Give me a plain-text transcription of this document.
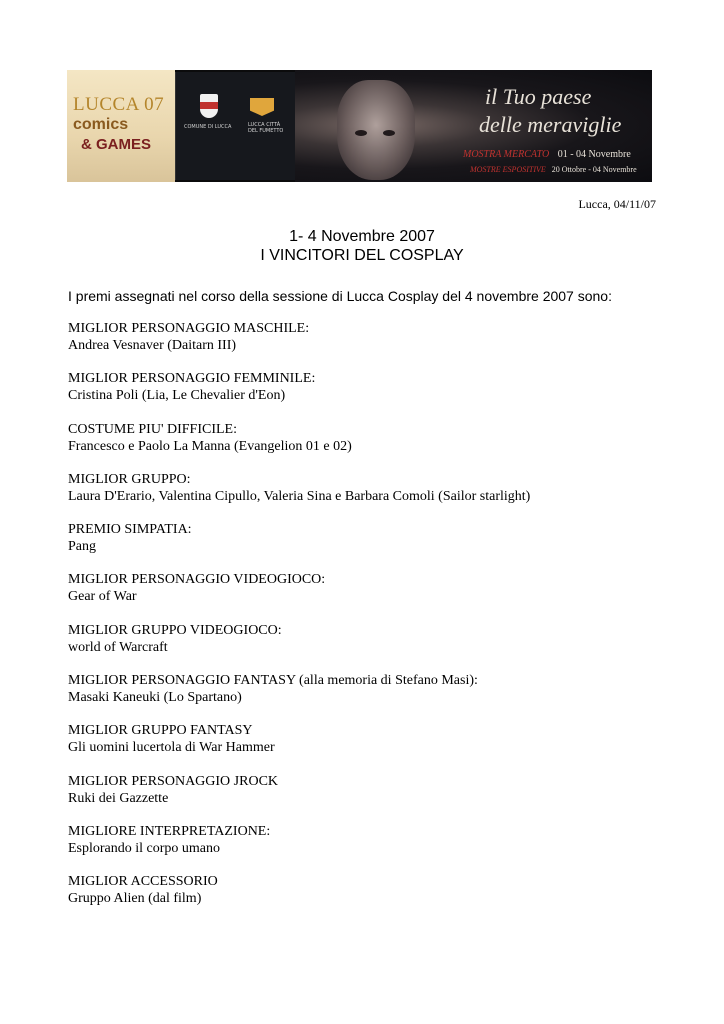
LUCCA 07
comics
& GAMES
COMUNE DI LUCCA	LUCCA CITTÀ DEL FUMETTO
il Tuo paese
delle meraviglie
MOSTRA MERCATO 01 - 04 Novembre
MOSTRE ESPOSITIVE 20 Ottobre - 04 Novembre
Lucca, 04/11/07
1- 4 Novembre 2007
I VINCITORI DEL COSPLAY
I premi assegnati nel corso della sessione di Lucca Cosplay del 4 novembre 2007 sono:
MIGLIOR PERSONAGGIO MASCHILE:
Andrea Vesnaver (Daitarn III)
MIGLIOR PERSONAGGIO FEMMINILE:
Cristina Poli (Lia, Le Chevalier d'Eon)
COSTUME PIU' DIFFICILE:
Francesco e Paolo La Manna (Evangelion 01 e 02)
MIGLIOR GRUPPO:
Laura D'Erario, Valentina Cipullo, Valeria Sina e Barbara Comoli (Sailor starlight)
PREMIO SIMPATIA:
Pang
MIGLIOR PERSONAGGIO VIDEOGIOCO:
Gear of War
MIGLIOR GRUPPO VIDEOGIOCO:
world of Warcraft
MIGLIOR PERSONAGGIO FANTASY (alla memoria di Stefano Masi):
Masaki Kaneuki (Lo Spartano)
MIGLIOR GRUPPO FANTASY
Gli uomini lucertola di War Hammer
MIGLIOR PERSONAGGIO JROCK
Ruki dei Gazzette
MIGLIORE INTERPRETAZIONE:
Esplorando il corpo umano
MIGLIOR ACCESSORIO
Gruppo Alien (dal film)
